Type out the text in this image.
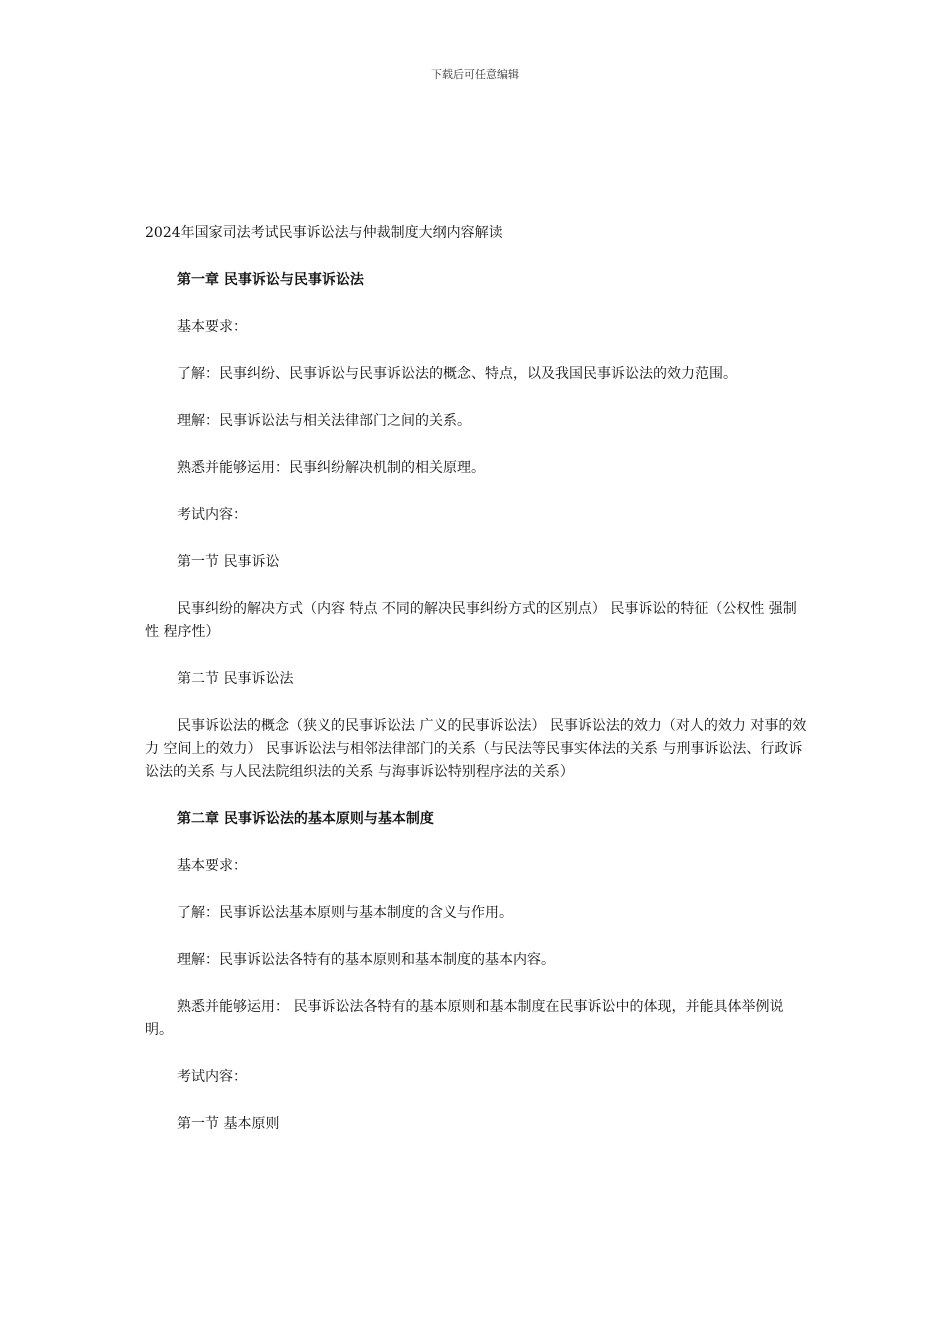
下载后可任意编辑

2024年国家司法考试民事诉讼法与仲裁制度大纲内容解读

第一章 民事诉讼与民事诉讼法

基本要求：

了解：民事纠纷、民事诉讼与民事诉讼法的概念、特点，以及我国民事诉讼法的效力范围。

理解：民事诉讼法与相关法律部门之间的关系。

熟悉并能够运用：民事纠纷解决机制的相关原理。

考试内容：

第一节 民事诉讼

民事纠纷的解决方式（内容 特点 不同的解决民事纠纷方式的区别点） 民事诉讼的特征（公权性 强制性 程序性）

第二节 民事诉讼法

民事诉讼法的概念（狭义的民事诉讼法 广义的民事诉讼法） 民事诉讼法的效力（对人的效力 对事的效力 空间上的效力） 民事诉讼法与相邻法律部门的关系（与民法等民事实体法的关系 与刑事诉讼法、行政诉讼法的关系 与人民法院组织法的关系 与海事诉讼特别程序法的关系）

第二章 民事诉讼法的基本原则与基本制度

基本要求：

了解：民事诉讼法基本原则与基本制度的含义与作用。

理解：民事诉讼法各特有的基本原则和基本制度的基本内容。

熟悉并能够运用： 民事诉讼法各特有的基本原则和基本制度在民事诉讼中的体现，并能具体举例说明。

考试内容：

第一节 基本原则
